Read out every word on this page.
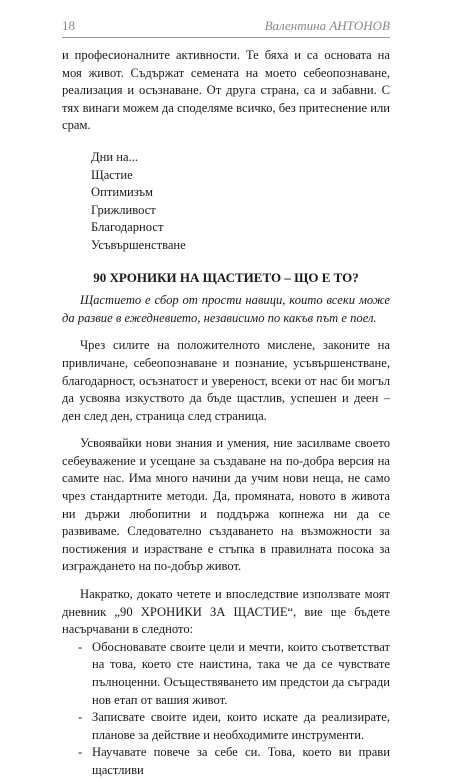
18	Валентина АНТОНОВ

и професионалните активности. Те бяха и са основата на моя живот. Съдържат семената на моето себеопознаване, реализация и осъзнаване. От друга страна, са и забавни. С тях винаги можем да споделяме всичко, без притеснение или срам.

Дни на...
Щастие
Оптимизъм
Грижливост
Благодарност
Усъвършенстване
90 ХРОНИКИ НА ЩАСТИЕТО – ЩО Е ТО?

Щастието е сбор от прости навици, които всеки може да развие в ежедневието, независимо по какъв път е поел.

Чрез силите на положителното мислене, законите на привличане, себеопознаване и познание, усъвършенстване, благодарност, осъзнатост и увереност, всеки от нас би могъл да усвоява изкуството да бъде щастлив, успешен и деен – ден след ден, страница след страница.

Усвоявайки нови знания и умения, ние засилваме своето себеуважение и усещане за създаване на по-добра версия на самите нас. Има много начини да учим нови неща, не само чрез стандартните методи. Да, промяната, новото в живота ни държи любопитни и поддържа копнежа ни да се развиваме. Следователно създаването на възможности за постижения и израстване е стъпка в правилната посока за изграждането на по-добър живот.

Накратко, докато четете и впоследствие използвате моят дневник „90 ХРОНИКИ ЗА ЩАСТИЕ“, вие ще бъдете насърчавани в следното:

- Обосновавате своите цели и мечти, които съответстват на това, което сте наистина, така че да се чувствате пълноценни. Осъществяването им предстои да съгради нов етап от вашия живот.
- Записвате своите идеи, които искате да реализирате, планове за действие и необходимите инструменти.
- Научавате повече за себе си. Това, което ви прави щастливи
